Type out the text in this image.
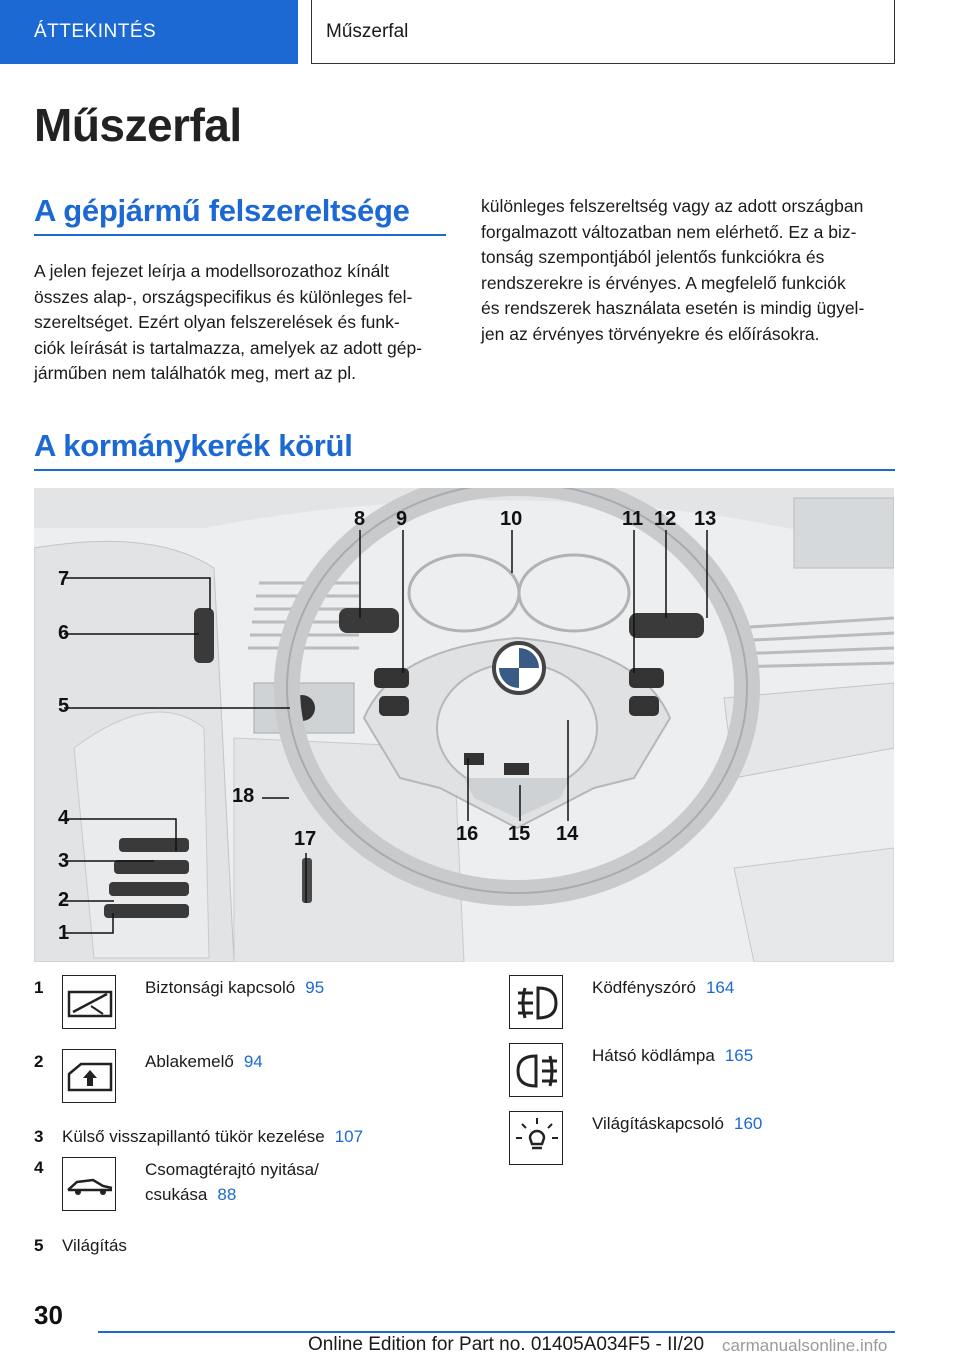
ÁTTEKINTÉS	Műszerfal
Műszerfal
A gépjármű felszereltsége

A jelen fejezet leírja a modellsorozathoz kínált
összes alap-, országspecifikus és különleges fel-
szereltséget. Ezért olyan felszerelések és funk-
ciók leírását is tartalmazza, amelyek az adott gép-
járműben nem találhatók meg, mert az pl.

különleges felszereltség vagy az adott országban
forgalmazott változatban nem elérhető. Ez a biz-
tonság szempontjából jelentős funkciókra és
rendszerekre is érvényes. A megfelelő funkciók
és rendszerek használata esetén is mindig ügyel-
jen az érvényes törvényekre és előírásokra.

A kormánykerék körül
7
6
5
4
3
2
1
8 9	10	11 12 13
14
15
16
17
18
1	Biztonsági kapcsoló 95
2	Ablakemelő 94
3 Külső visszapillantó tükör kezelése 107
4	Csomagtérajtó nyitása/
csukása 88
5 Világítás
Ködfényszóró 164
Hátsó ködlámpa 165
Világításkapcsoló 160
30
Online Edition for Part no. 01405A034F5 - II/20 carmanualsonline.info
